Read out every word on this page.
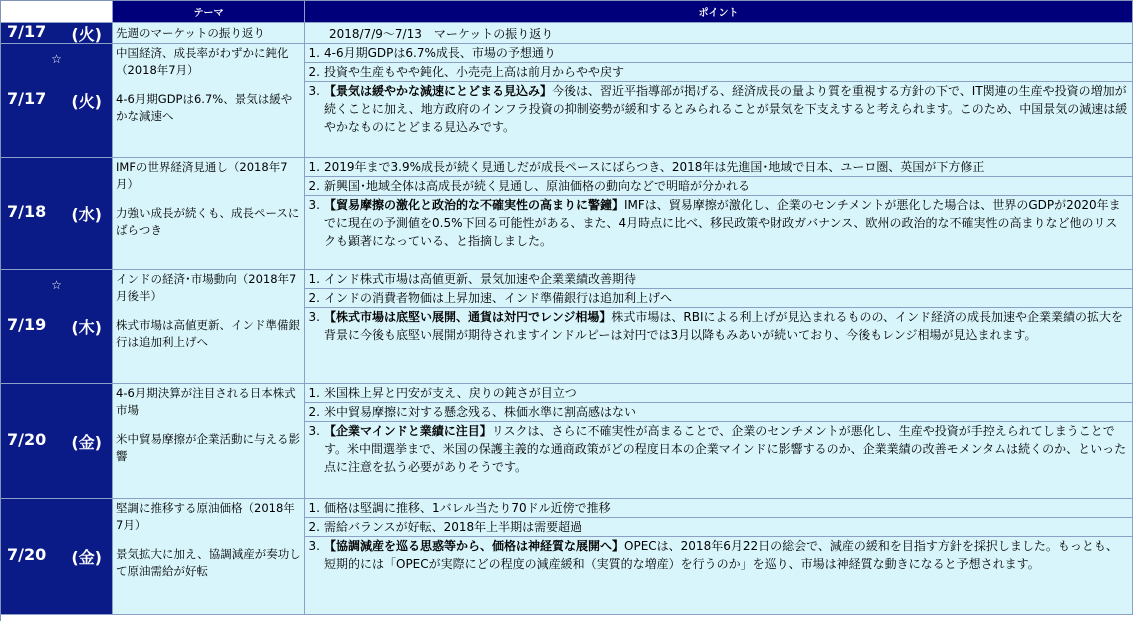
テーマ	ポイント
7/17 (火) 先週のマーケットの振り返り	2018/7/9～7/13　マーケットの振り返り
☆
7/17 (火)
中国経済、成長率がわずかに鈍化（2018年7月）
4-6月期GDPは6.7%、景気は緩やかな減速へ
1. 4-6月期GDPは6.7%成長、市場の予想通り
2. 投資や生産もやや鈍化、小売売上高は前月からやや戻す
3. 【景気は緩やかな減速にとどまる見込み】今後は、習近平指導部が掲げる、経済成長の量より質を重視する方針の下で、IT関連の生産や投資の増加が続くことに加え、地方政府のインフラ投資の抑制姿勢が緩和するとみられることが景気を下支えすると考えられます。このため、中国景気の減速は緩やかなものにとどまる見込みです。
7/18 (水)
IMFの世界経済見通し（2018年7月）
力強い成長が続くも、成長ペースにばらつき
1. 2019年まで3.9%成長が続く見通しだが成長ペースにばらつき、2018年は先進国･地域で日本、ユーロ圏、英国が下方修正
2. 新興国･地域全体は高成長が続く見通し、原油価格の動向などで明暗が分かれる
3. 【貿易摩擦の激化と政治的な不確実性の高まりに警鐘】IMFは、貿易摩擦が激化し、企業のセンチメントが悪化した場合は、世界のGDPが2020年までに現在の予測値を0.5%下回る可能性がある、また、4月時点に比べ、移民政策や財政ガバナンス、欧州の政治的な不確実性の高まりなど他のリスクも顕著になっている、と指摘しました。
☆
7/19 (木)
インドの経済･市場動向（2018年7月後半）
株式市場は高値更新、インド準備銀行は追加利上げへ
1. インド株式市場は高値更新、景気加速や企業業績改善期待
2. インドの消費者物価は上昇加速、インド準備銀行は追加利上げへ
3. 【株式市場は底堅い展開、通貨は対円でレンジ相場】株式市場は、RBIによる利上げが見込まれるものの、インド経済の成長加速や企業業績の拡大を背景に今後も底堅い展開が期待されますインドルピーは対円では3月以降もみあいが続いており、今後もレンジ相場が見込まれます。
7/20 (金)
4-6月期決算が注目される日本株式市場
米中貿易摩擦が企業活動に与える影響
1. 米国株上昇と円安が支え、戻りの鈍さが目立つ
2. 米中貿易摩擦に対する懸念残る、株価水準に割高感はない
3. 【企業マインドと業績に注目】リスクは、さらに不確実性が高まることで、企業のセンチメントが悪化し、生産や投資が手控えられてしまうことです。米中間選挙まで、米国の保護主義的な通商政策がどの程度日本の企業マインドに影響するのか、企業業績の改善モメンタムは続くのか、といった点に注意を払う必要がありそうです。
7/20 (金)
堅調に推移する原油価格（2018年7月）
景気拡大に加え、協調減産が奏功して原油需給が好転
1. 価格は堅調に推移、1バレル当たり70ドル近傍で推移
2. 需給バランスが好転、2018年上半期は需要超過
3. 【協調減産を巡る思惑等から、価格は神経質な展開へ】OPECは、2018年6月22日の総会で、減産の緩和を目指す方針を採択しました。もっとも、短期的には「OPECが実際にどの程度の減産緩和（実質的な増産）を行うのか」を巡り、市場は神経質な動きになると予想されます。
